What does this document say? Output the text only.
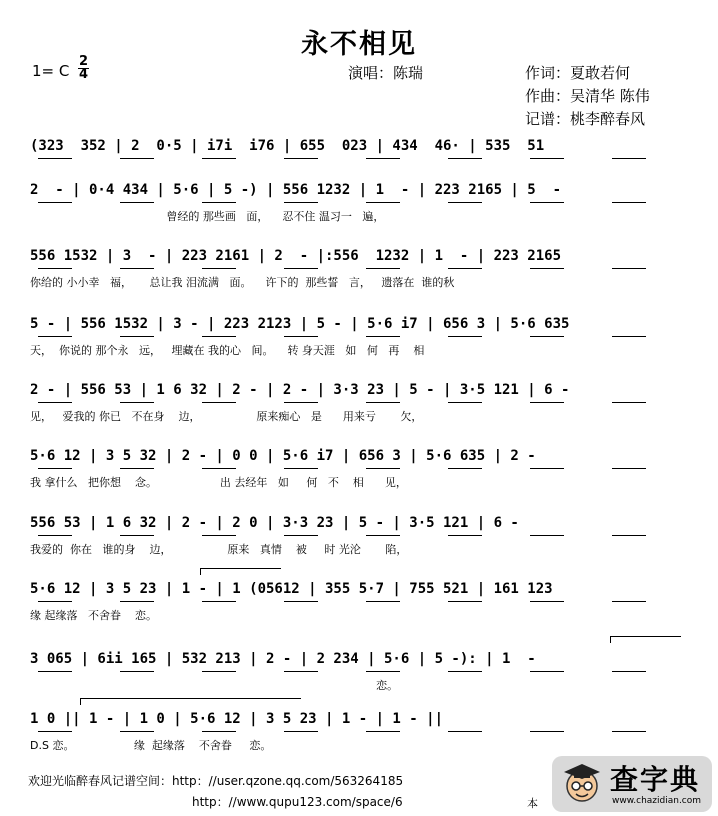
永不相见
1= C
2
4	演唱：陈瑞	作词：夏敢若何
作曲：吴清华 陈伟
记谱：桃李醉春风
(323  352 | 2  0·5 | i7i  i76 | 655  023 | 434  46· | 535  51
2  - | 0·4 434 | 5·6 | 5 -) | 556 1232 | 1  - | 223 2165 | 5  -
曾经的 那些画   面，    忍不住 温习一   遍，
556 1532 | 3  - | 223 2161 | 2  - |:556  1232 | 1  - | 223 2165
你给的 小小幸   福，     总让我 泪流满   面。    许下的  那些誓   言，   遗落在  谁的秋
5 - | 556 1532 | 3 - | 223 2123 | 5 - | 5·6 i7 | 656 3 | 5·6 635
天，  你说的 那个永   远，   埋藏在 我的心   间。    转 身天涯   如   何   再    相
2 - | 556 53 | 1 6 32 | 2 - | 2 - | 3·3 23 | 5 - | 3·5 121 | 6 -
见，   爱我的 你已   不在身    边，                原来痴心   是      用来亏       欠，
5·6 12 | 3 5 32 | 2 - | 0 0 | 5·6 i7 | 656 3 | 5·6 635 | 2 -
我 拿什么   把你想    念。                  出 去经年   如     何   不    相      见，
556 53 | 1 6 32 | 2 - | 2 0 | 3·3 23 | 5 - | 3·5 121 | 6 -
我爱的  你在   谁的身    边，                原来   真情    被     时 光沦       陷，
5·6 12 | 3 5 23 | 1 - | 1 (05612 | 355 5·7 | 755 521 | 161 123
缘 起缘落   不舍眷    恋。
3 065 | 6ii 165 | 532 213 | 2 - | 2 234 | 5·6 | 5 -): | 1  -
恋。
1 0 || 1 - | 1 0 | 5·6 12 | 3 5 23 | 1 - | 1 - ||
D.S 恋。                 缘  起缘落    不舍眷     恋。
欢迎光临醉春风记谱空间：http：//user.qzone.qq.com/563264185
http：//www.qupu123.com/space/6	本
查字典
www.chazidian.com
